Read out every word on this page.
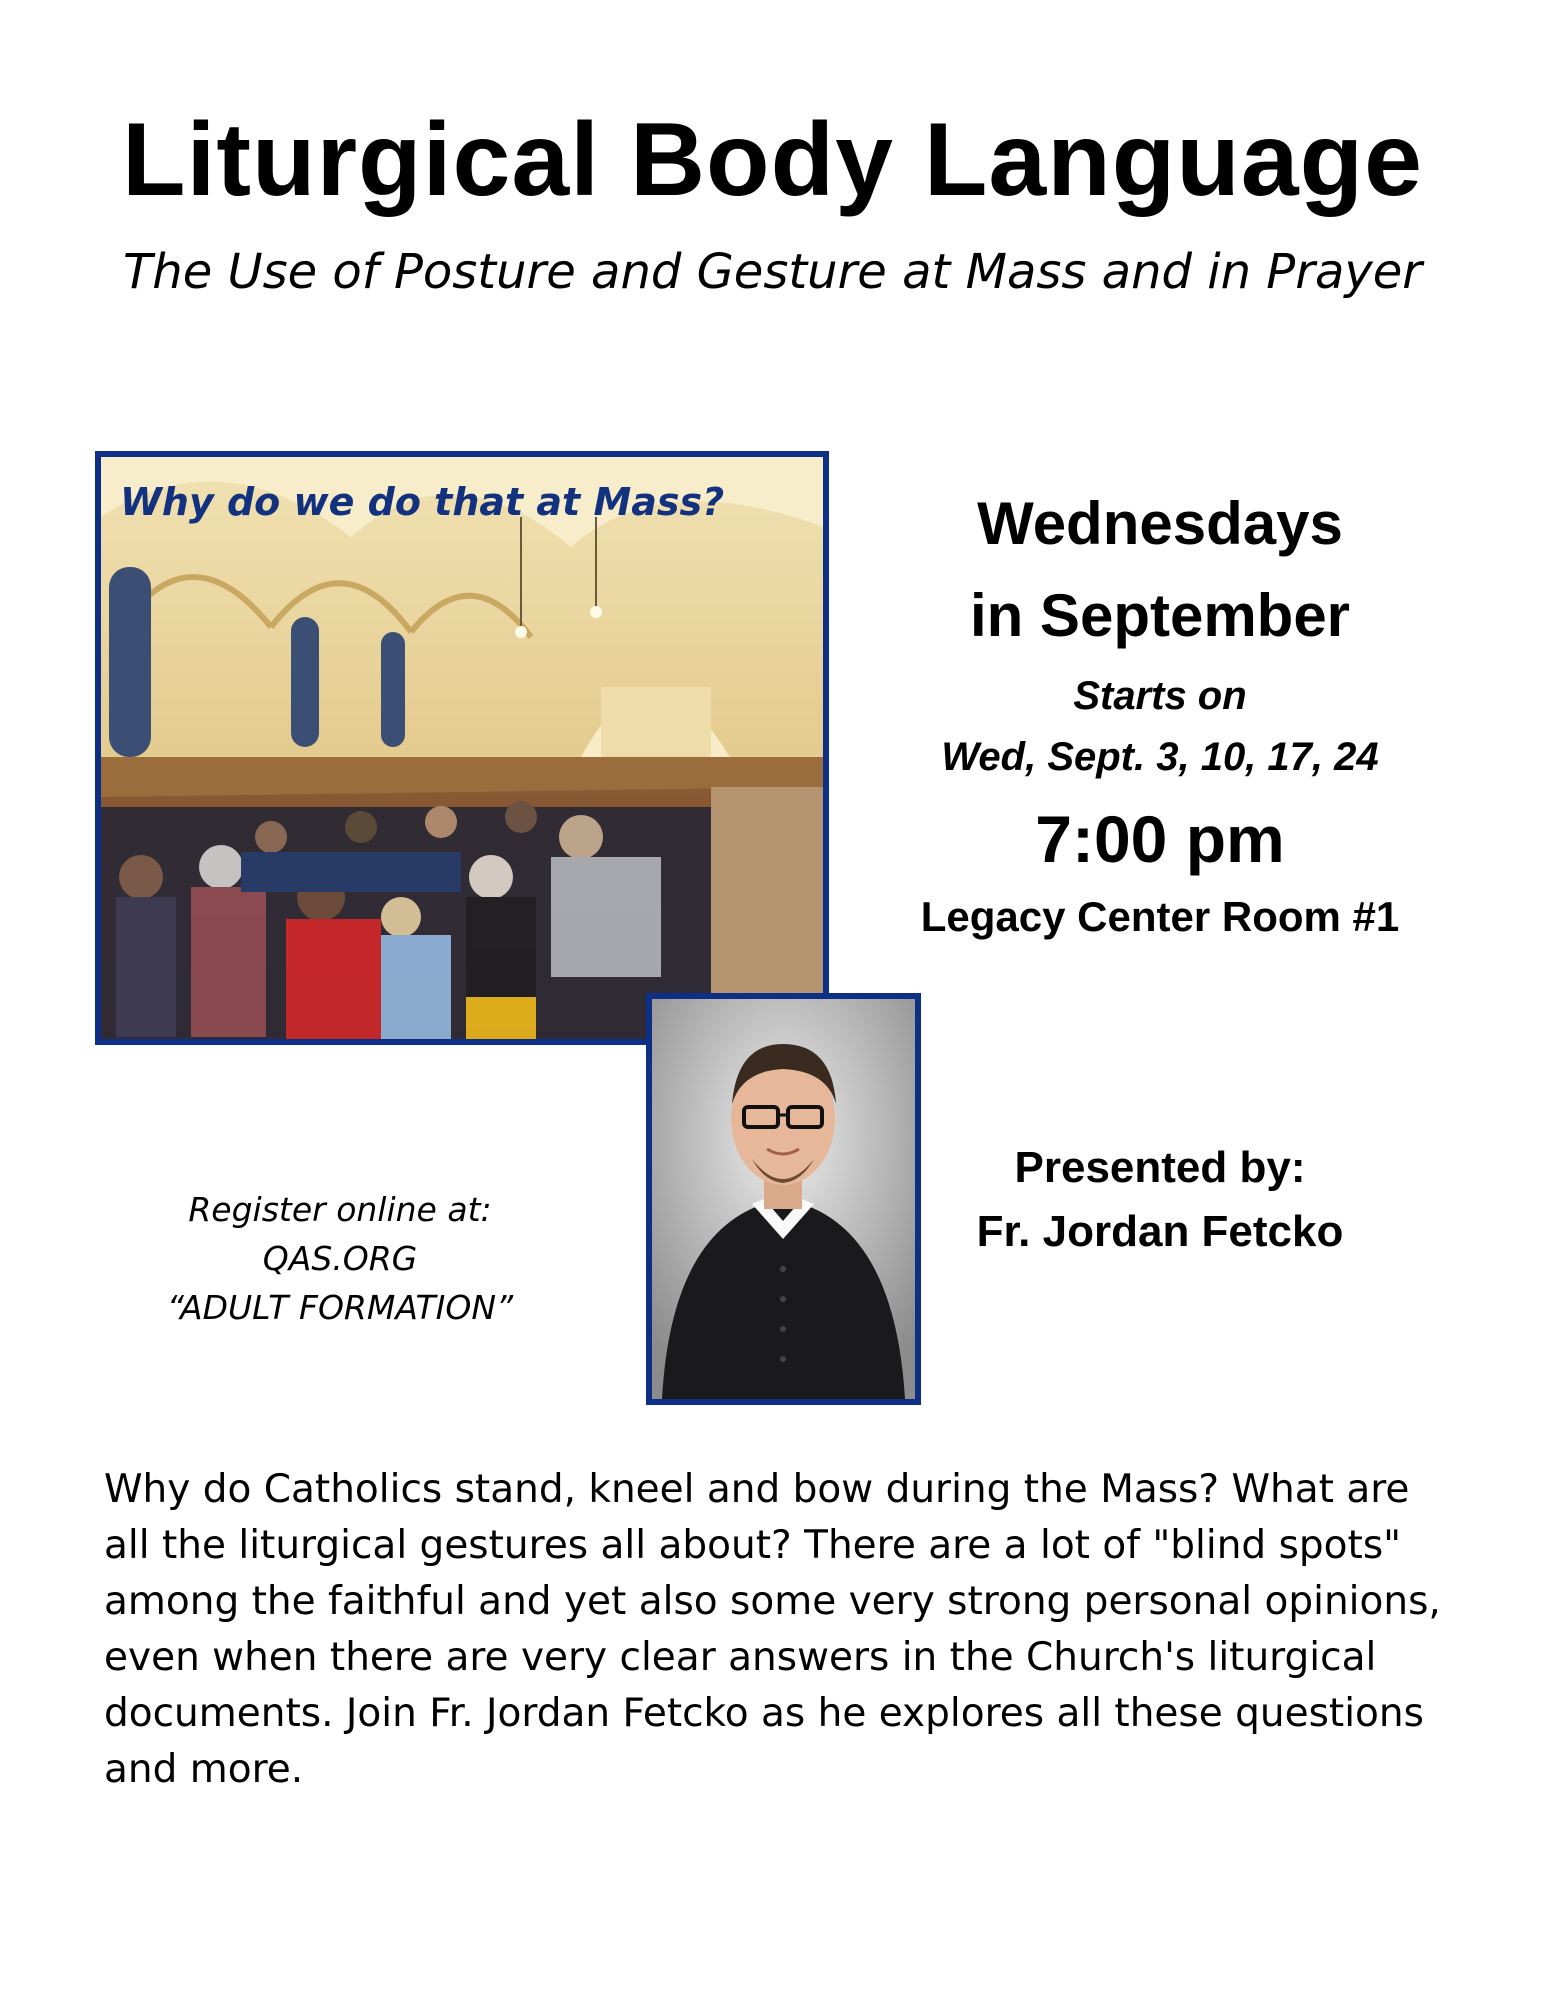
Liturgical Body Language
The Use of Posture and Gesture at Mass and in Prayer
Why do we do that at Mass?	Wednesdays
in September
Starts on
Wed, Sept. 3, 10, 17, 24
7:00 pm
Legacy Center Room #1
Presented by:
Fr. Jordan Fetcko
Register online at:
QAS.ORG
“ADULT FORMATION”
Why do Catholics stand, kneel and bow during the Mass? What are all the liturgical gestures all about? There are a lot of "blind spots" among the faithful and yet also some very strong personal opinions, even when there are very clear answers in the Church's liturgical documents. Join Fr. Jordan Fetcko as he explores all these questions and more.
